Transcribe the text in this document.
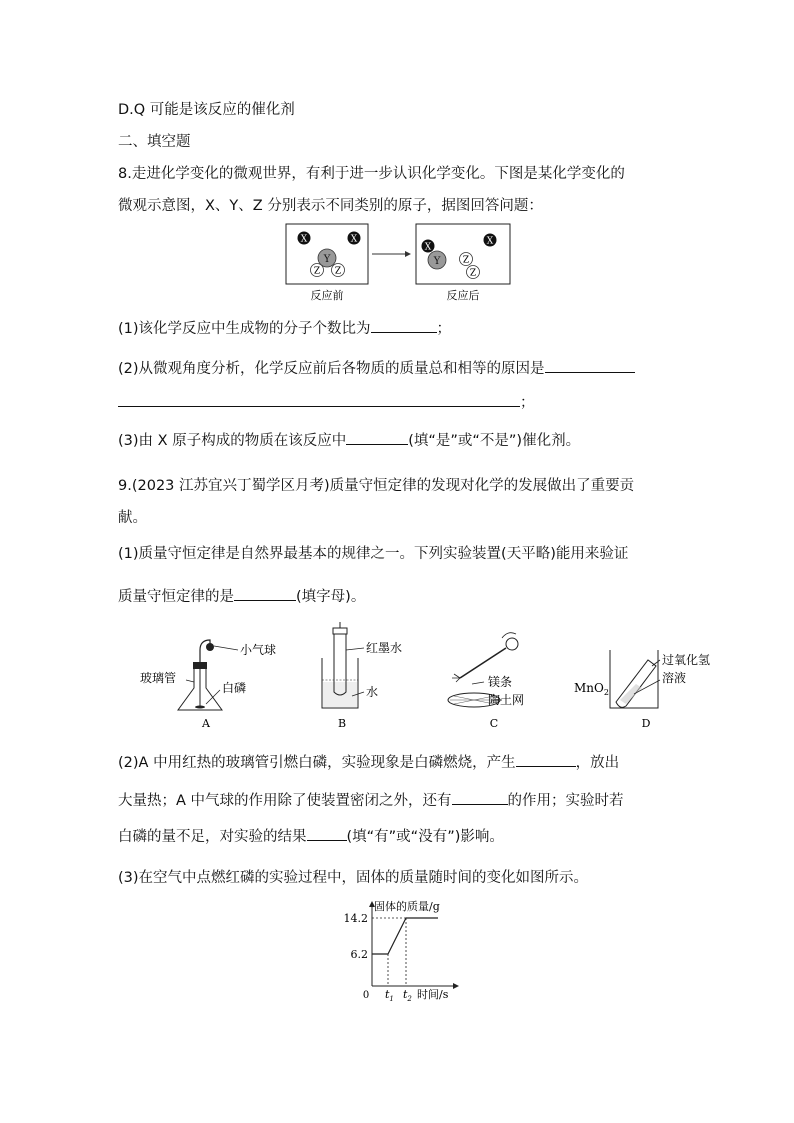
D.Q 可能是该反应的催化剂
二、填空题
8.走进化学变化的微观世界，有利于进一步认识化学变化。下图是某化学变化的
微观示意图，X、Y、Z 分别表示不同类别的原子，据图回答问题：
X	X
Y
Z Z
X
Y
X
Z
Z
反应前	反应后
(1)该化学反应中生成物的分子个数比为	；
(2)从微观角度分析，化学反应前后各物质的质量总和相等的原因是
；
(3)由 X 原子构成的物质在该反应中	(填“是”或“不是”)催化剂。
9.(2023 江苏宜兴丁蜀学区月考)质量守恒定律的发现对化学的发展做出了重要贡
献。
(1)质量守恒定律是自然界最基本的规律之一。下列实验装置(天平略)能用来验证
质量守恒定律的是	(填字母)。
小气球
玻璃管
白磷
A
红墨水
水
B
镁条
陶土网
C
MnO$_2$
过氧化氢
溶液
D
(2)A 中用红热的玻璃管引燃白磷，实验现象是白磷燃烧，产生	，放出
大量热；A 中气球的作用除了使装置密闭之外，还有	的作用；实验时若
白磷的量不足，对实验的结果	(填“有”或“没有”)影响。
(3)在空气中点燃红磷的实验过程中，固体的质量随时间的变化如图所示。
固体的质量/g
0
6.2
14.2
$t_1$ $t_2$ 时间/s
